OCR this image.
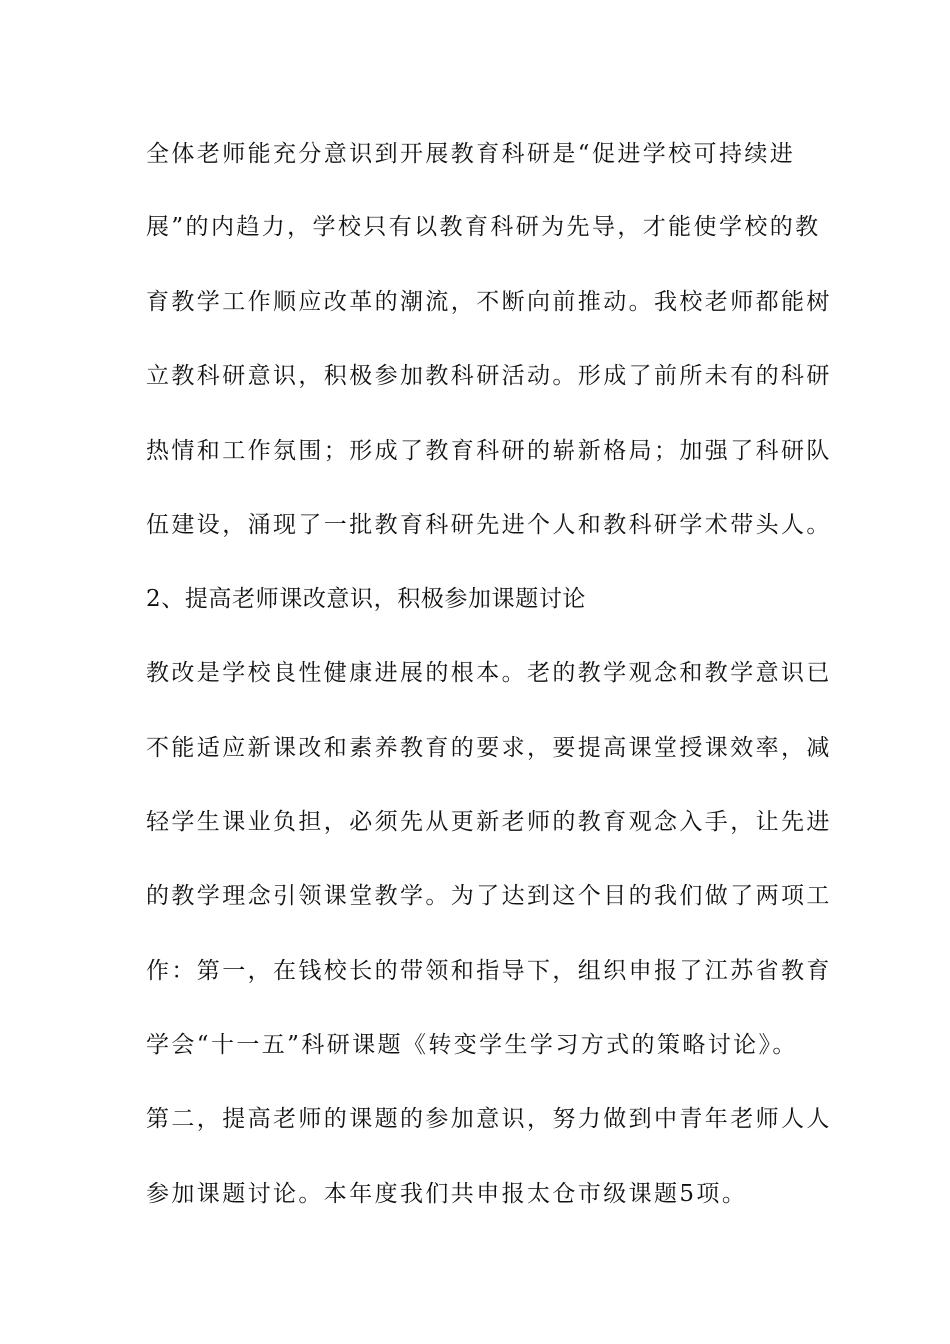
全体老师能充分意识到开展教育科研是“促进学校可持续进
展”的内趋力，学校只有以教育科研为先导，才能使学校的教
育教学工作顺应改革的潮流，不断向前推动。我校老师都能树
立教科研意识，积极参加教科研活动。形成了前所未有的科研
热情和工作氛围；形成了教育科研的崭新格局；加强了科研队
伍建设，涌现了一批教育科研先进个人和教科研学术带头人。
2、提高老师课改意识，积极参加课题讨论
教改是学校良性健康进展的根本。老的教学观念和教学意识已
不能适应新课改和素养教育的要求，要提高课堂授课效率，减
轻学生课业负担，必须先从更新老师的教育观念入手，让先进
的教学理念引领课堂教学。为了达到这个目的我们做了两项工
作：第一，在钱校长的带领和指导下，组织申报了江苏省教育
学会“十一五”科研课题《转变学生学习方式的策略讨论》。
第二，提高老师的课题的参加意识，努力做到中青年老师人人
参加课题讨论。本年度我们共申报太仓市级课题5项。
